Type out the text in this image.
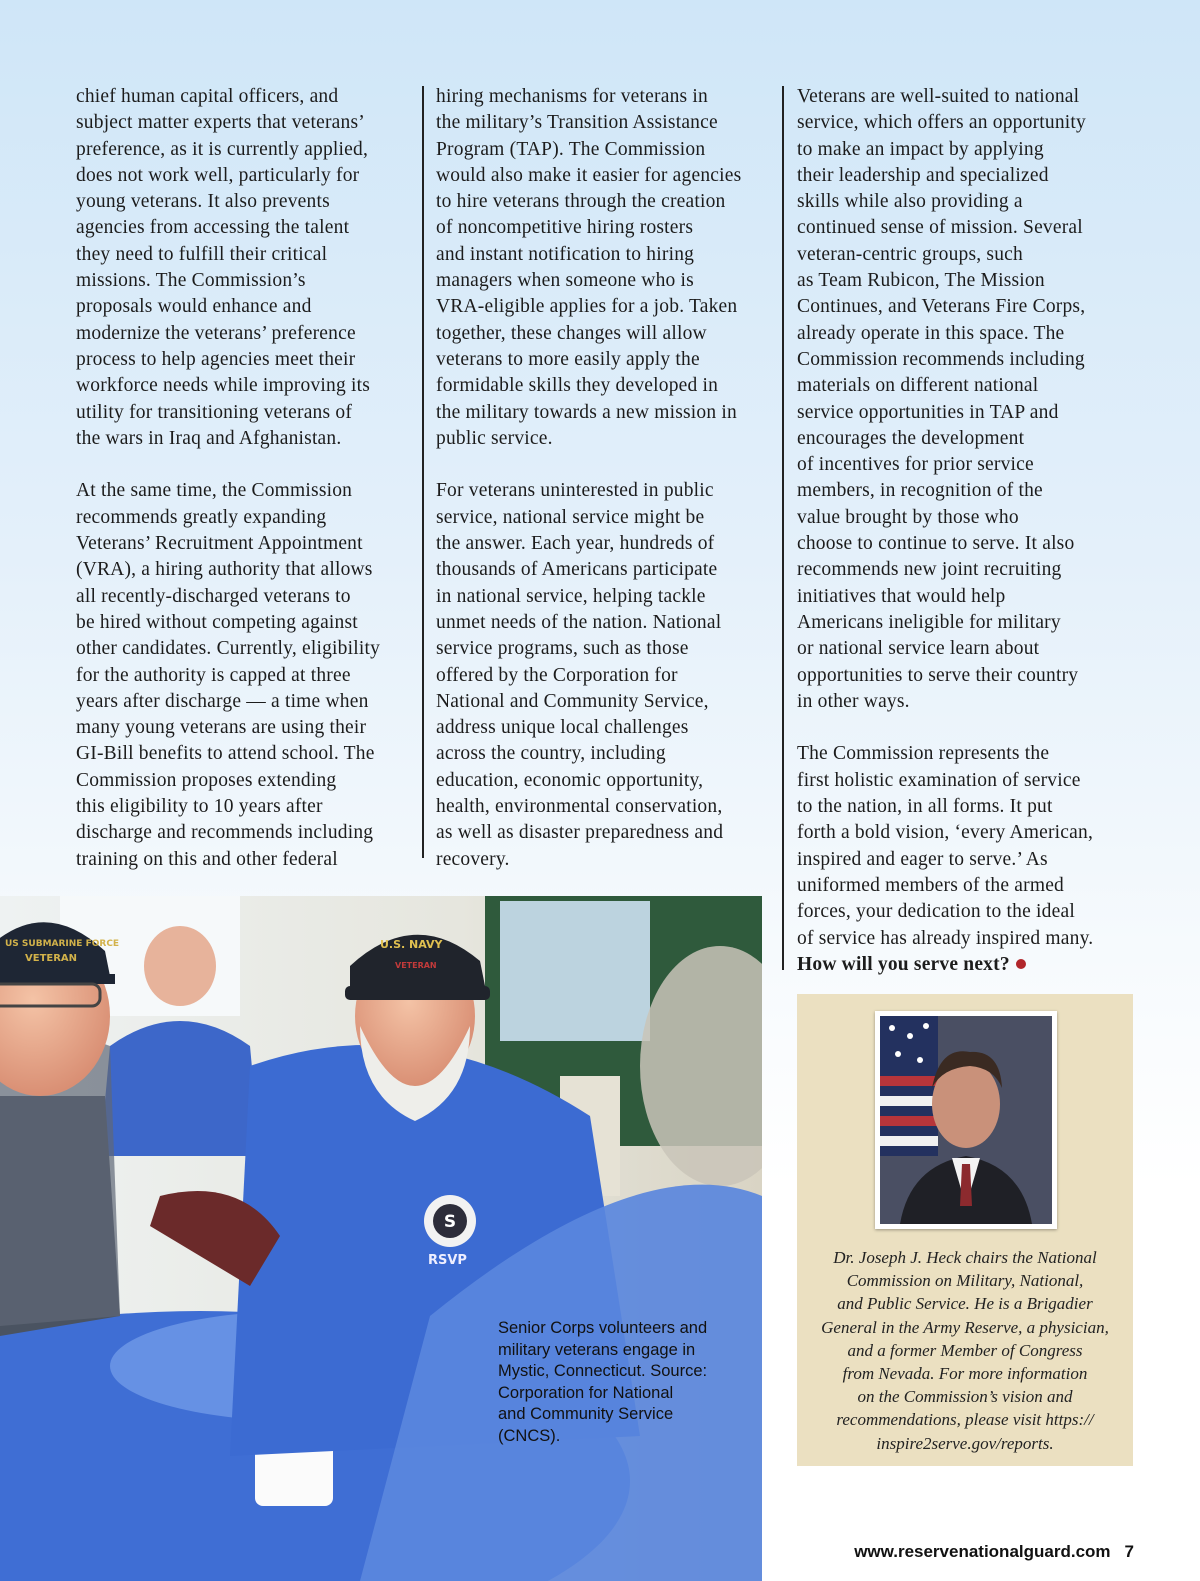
chief human capital officers, and
subject matter experts that veterans’
preference, as it is currently applied,
does not work well, particularly for
young veterans. It also prevents
agencies from accessing the talent
they need to fulfill their critical
missions. The Commission’s
proposals would enhance and
modernize the veterans’ preference
process to help agencies meet their
workforce needs while improving its
utility for transitioning veterans of
the wars in Iraq and Afghanistan.

At the same time, the Commission
recommends greatly expanding
Veterans’ Recruitment Appointment
(VRA), a hiring authority that allows
all recently-discharged veterans to
be hired without competing against
other candidates. Currently, eligibility
for the authority is capped at three
years after discharge — a time when
many young veterans are using their
GI-Bill benefits to attend school. The
Commission proposes extending
this eligibility to 10 years after
discharge and recommends including
training on this and other federal
hiring mechanisms for veterans in
the military’s Transition Assistance
Program (TAP). The Commission
would also make it easier for agencies
to hire veterans through the creation
of noncompetitive hiring rosters
and instant notification to hiring
managers when someone who is
VRA-eligible applies for a job. Taken
together, these changes will allow
veterans to more easily apply the
formidable skills they developed in
the military towards a new mission in
public service.

For veterans uninterested in public
service, national service might be
the answer. Each year, hundreds of
thousands of Americans participate
in national service, helping tackle
unmet needs of the nation. National
service programs, such as those
offered by the Corporation for
National and Community Service,
address unique local challenges
across the country, including
education, economic opportunity,
health, environmental conservation,
as well as disaster preparedness and
recovery.
Veterans are well-suited to national
service, which offers an opportunity
to make an impact by applying
their leadership and specialized
skills while also providing a
continued sense of mission. Several
veteran-centric groups, such
as Team Rubicon, The Mission
Continues, and Veterans Fire Corps,
already operate in this space. The
Commission recommends including
materials on different national
service opportunities in TAP and
encourages the development
of incentives for prior service
members, in recognition of the
value brought by those who
choose to continue to serve. It also
recommends new joint recruiting
initiatives that would help
Americans ineligible for military
or national service learn about
opportunities to serve their country
in other ways.

The Commission represents the
first holistic examination of service
to the nation, in all forms. It put
forth a bold vision, ‘every American,
inspired and eager to serve.’ As
uniformed members of the armed
forces, your dedication to the ideal
of service has already inspired many.
How will you serve next?
US SUBMARINE FORCE
VETERAN
U.S. NAVY
VETERAN
S
RSVP
Senior Corps volunteers and
military veterans engage in
Mystic, Connecticut. Source:
Corporation for National
and Community Service
(CNCS).
Dr. Joseph J. Heck chairs the National
Commission on Military, National,
and Public Service. He is a Brigadier
General in the Army Reserve, a physician,
and a former Member of Congress
from Nevada. For more information
on the Commission’s vision and
recommendations, please visit https://
inspire2serve.gov/reports.
www.reservenationalguard.com 7
